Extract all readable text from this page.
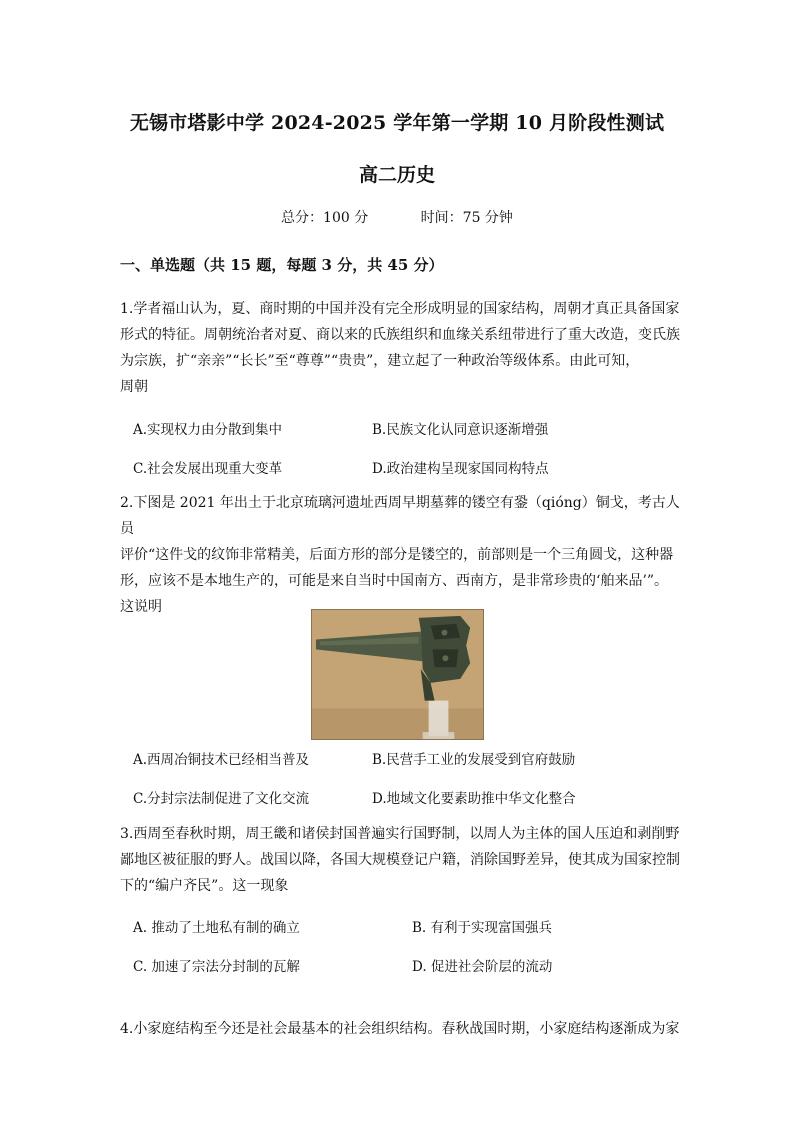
无锡市塔影中学 2024-2025 学年第一学期 10 月阶段性测试
高二历史
总分：100 分	时间：75 分钟
一、单选题（共 15 题，每题 3 分，共 45 分）
1.学者福山认为，夏、商时期的中国并没有完全形成明显的国家结构，周朝才真正具备国家
形式的特征。周朝统治者对夏、商以来的氏族组织和血缘关系纽带进行了重大改造，变氏族
为宗族，扩“亲亲”“长长”至“尊尊”“贵贵”，建立起了一种政治等级体系。由此可知，
周朝
A.实现权力由分散到集中	B.民族文化认同意识逐渐增强
C.社会发展出现重大变革	D.政治建构呈现家国同构特点
2.下图是 2021 年出土于北京琉璃河遗址西周早期墓葬的镂空有銎（qióng）铜戈，考古人员
评价“这件戈的纹饰非常精美，后面方形的部分是镂空的，前部则是一个三角圆戈，这种器
形，应该不是本地生产的，可能是来自当时中国南方、西南方，是非常珍贵的‘舶来品’”。
这说明
A.西周冶铜技术已经相当普及	B.民营手工业的发展受到官府鼓励
C.分封宗法制促进了文化交流	D.地域文化要素助推中华文化整合
3.西周至春秋时期，周王畿和诸侯封国普遍实行国野制，以周人为主体的国人压迫和剥削野
鄙地区被征服的野人。战国以降，各国大规模登记户籍，消除国野差异，使其成为国家控制
下的“编户齐民”。这一现象
A. 推动了土地私有制的确立	B. 有利于实现富国强兵
C. 加速了宗法分封制的瓦解	D. 促进社会阶层的流动
4.小家庭结构至今还是社会最基本的社会组织结构。春秋战国时期，小家庭结构逐渐成为家
